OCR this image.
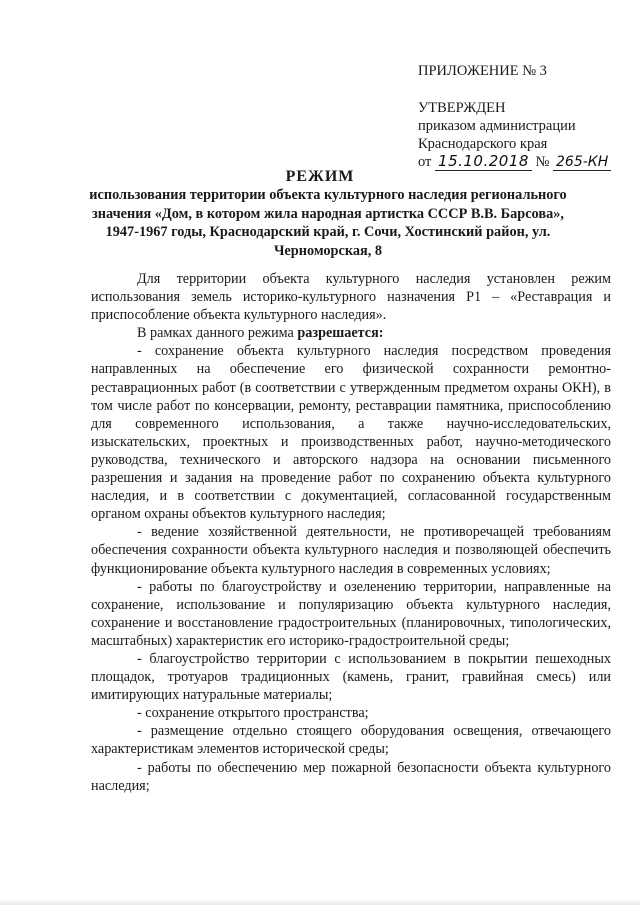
ПРИЛОЖЕНИЕ № 3
УТВЕРЖДЕН
приказом администрации
Краснодарского края
от 15.10.2018 № 265-КН
РЕЖИМ
использования территории объекта культурного наследия регионального значения «Дом, в котором жила народная артистка СССР В.В. Барсова», 1947-1967 годы, Краснодарский край, г. Сочи, Хостинский район, ул. Черноморская, 8

Для территории объекта культурного наследия установлен режим использования земель историко-культурного назначения Р1 – «Реставрация и приспособление объекта культурного наследия».

В рамках данного режима разрешается:

- сохранение объекта культурного наследия посредством проведения направленных на обеспечение его физической сохранности ремонтно-реставрационных работ (в соответствии с утвержденным предметом охраны ОКН), в том числе работ по консервации, ремонту, реставрации памятника, приспособлению для современного использования, а также научно-исследовательских, изыскательских, проектных и производственных работ, научно-методического руководства, технического и авторского надзора на основании письменного разрешения и задания на проведение работ по сохранению объекта культурного наследия, и в соответствии с документацией, согласованной государственным органом охраны объектов культурного наследия;

- ведение хозяйственной деятельности, не противоречащей требованиям обеспечения сохранности объекта культурного наследия и позволяющей обеспечить функционирование объекта культурного наследия в современных условиях;

- работы по благоустройству и озеленению территории, направленные на сохранение, использование и популяризацию объекта культурного наследия, сохранение и восстановление градостроительных (планировочных, типологических, масштабных) характеристик его историко-градостроительной среды;

- благоустройство территории с использованием в покрытии пешеходных площадок, тротуаров традиционных (камень, гранит, гравийная смесь) или имитирующих натуральные материалы;

- сохранение открытого пространства;

- размещение отдельно стоящего оборудования освещения, отвечающего характеристикам элементов исторической среды;

- работы по обеспечению мер пожарной безопасности объекта культурного наследия;
